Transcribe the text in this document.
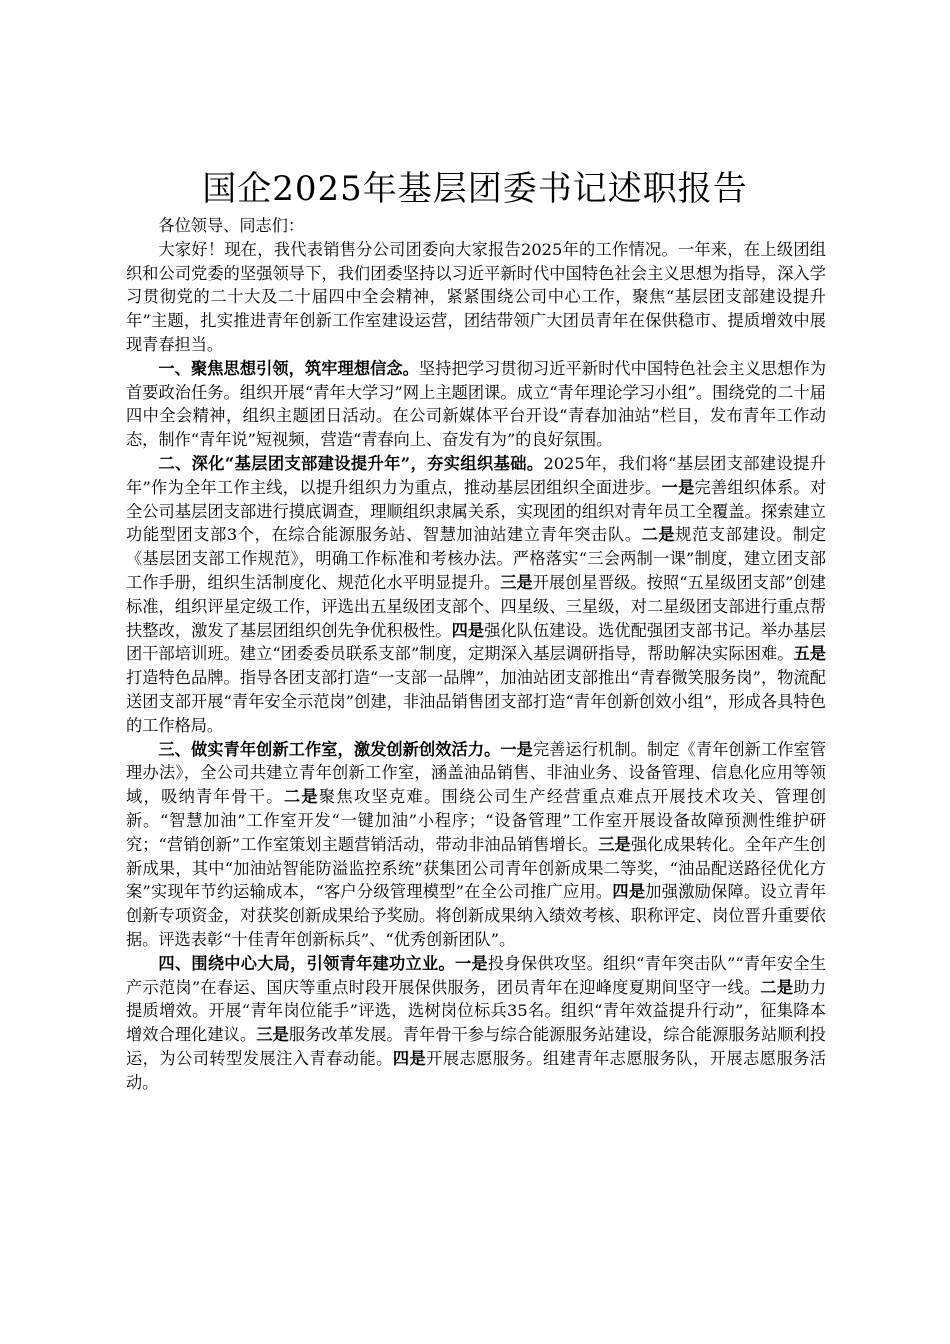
国企2025年基层团委书记述职报告

各位领导、同志们：

大家好！现在，我代表销售分公司团委向大家报告2025年的工作情况。一年来，在上级团组织和公司党委的坚强领导下，我们团委坚持以习近平新时代中国特色社会主义思想为指导，深入学习贯彻党的二十大及二十届四中全会精神，紧紧围绕公司中心工作，聚焦“基层团支部建设提升年”主题，扎实推进青年创新工作室建设运营，团结带领广大团员青年在保供稳市、提质增效中展现青春担当。

一、聚焦思想引领，筑牢理想信念。坚持把学习贯彻习近平新时代中国特色社会主义思想作为首要政治任务。组织开展“青年大学习”网上主题团课。成立“青年理论学习小组”。围绕党的二十届四中全会精神，组织主题团日活动。在公司新媒体平台开设“青春加油站”栏目，发布青年工作动态，制作“青年说”短视频，营造“青春向上、奋发有为”的良好氛围。

二、深化“基层团支部建设提升年”，夯实组织基础。2025年，我们将“基层团支部建设提升年”作为全年工作主线，以提升组织力为重点，推动基层团组织全面进步。一是完善组织体系。对全公司基层团支部进行摸底调查，理顺组织隶属关系，实现团的组织对青年员工全覆盖。探索建立功能型团支部3个，在综合能源服务站、智慧加油站建立青年突击队。二是规范支部建设。制定《基层团支部工作规范》，明确工作标准和考核办法。严格落实“三会两制一课”制度，建立团支部工作手册，组织生活制度化、规范化水平明显提升。三是开展创星晋级。按照“五星级团支部”创建标准，组织评星定级工作，评选出五星级团支部个、四星级、三星级，对二星级团支部进行重点帮扶整改，激发了基层团组织创先争优积极性。四是强化队伍建设。选优配强团支部书记。举办基层团干部培训班。建立“团委委员联系支部”制度，定期深入基层调研指导，帮助解决实际困难。五是打造特色品牌。指导各团支部打造“一支部一品牌”，加油站团支部推出“青春微笑服务岗”，物流配送团支部开展“青年安全示范岗”创建，非油品销售团支部打造“青年创新创效小组”，形成各具特色的工作格局。

三、做实青年创新工作室，激发创新创效活力。一是完善运行机制。制定《青年创新工作室管理办法》，全公司共建立青年创新工作室，涵盖油品销售、非油业务、设备管理、信息化应用等领域，吸纳青年骨干。二是聚焦攻坚克难。围绕公司生产经营重点难点开展技术攻关、管理创新。“智慧加油”工作室开发“一键加油”小程序；“设备管理”工作室开展设备故障预测性维护研究；“营销创新”工作室策划主题营销活动，带动非油品销售增长。三是强化成果转化。全年产生创新成果，其中“加油站智能防溢监控系统”获集团公司青年创新成果二等奖，“油品配送路径优化方案”实现年节约运输成本，“客户分级管理模型”在全公司推广应用。四是加强激励保障。设立青年创新专项资金，对获奖创新成果给予奖励。将创新成果纳入绩效考核、职称评定、岗位晋升重要依据。评选表彰“十佳青年创新标兵”、“优秀创新团队”。

四、围绕中心大局，引领青年建功立业。一是投身保供攻坚。组织“青年突击队”“青年安全生产示范岗”在春运、国庆等重点时段开展保供服务，团员青年在迎峰度夏期间坚守一线。二是助力提质增效。开展“青年岗位能手”评选，选树岗位标兵35名。组织“青年效益提升行动”，征集降本增效合理化建议。三是服务改革发展。青年骨干参与综合能源服务站建设，综合能源服务站顺利投运，为公司转型发展注入青春动能。四是开展志愿服务。组建青年志愿服务队，开展志愿服务活动。
